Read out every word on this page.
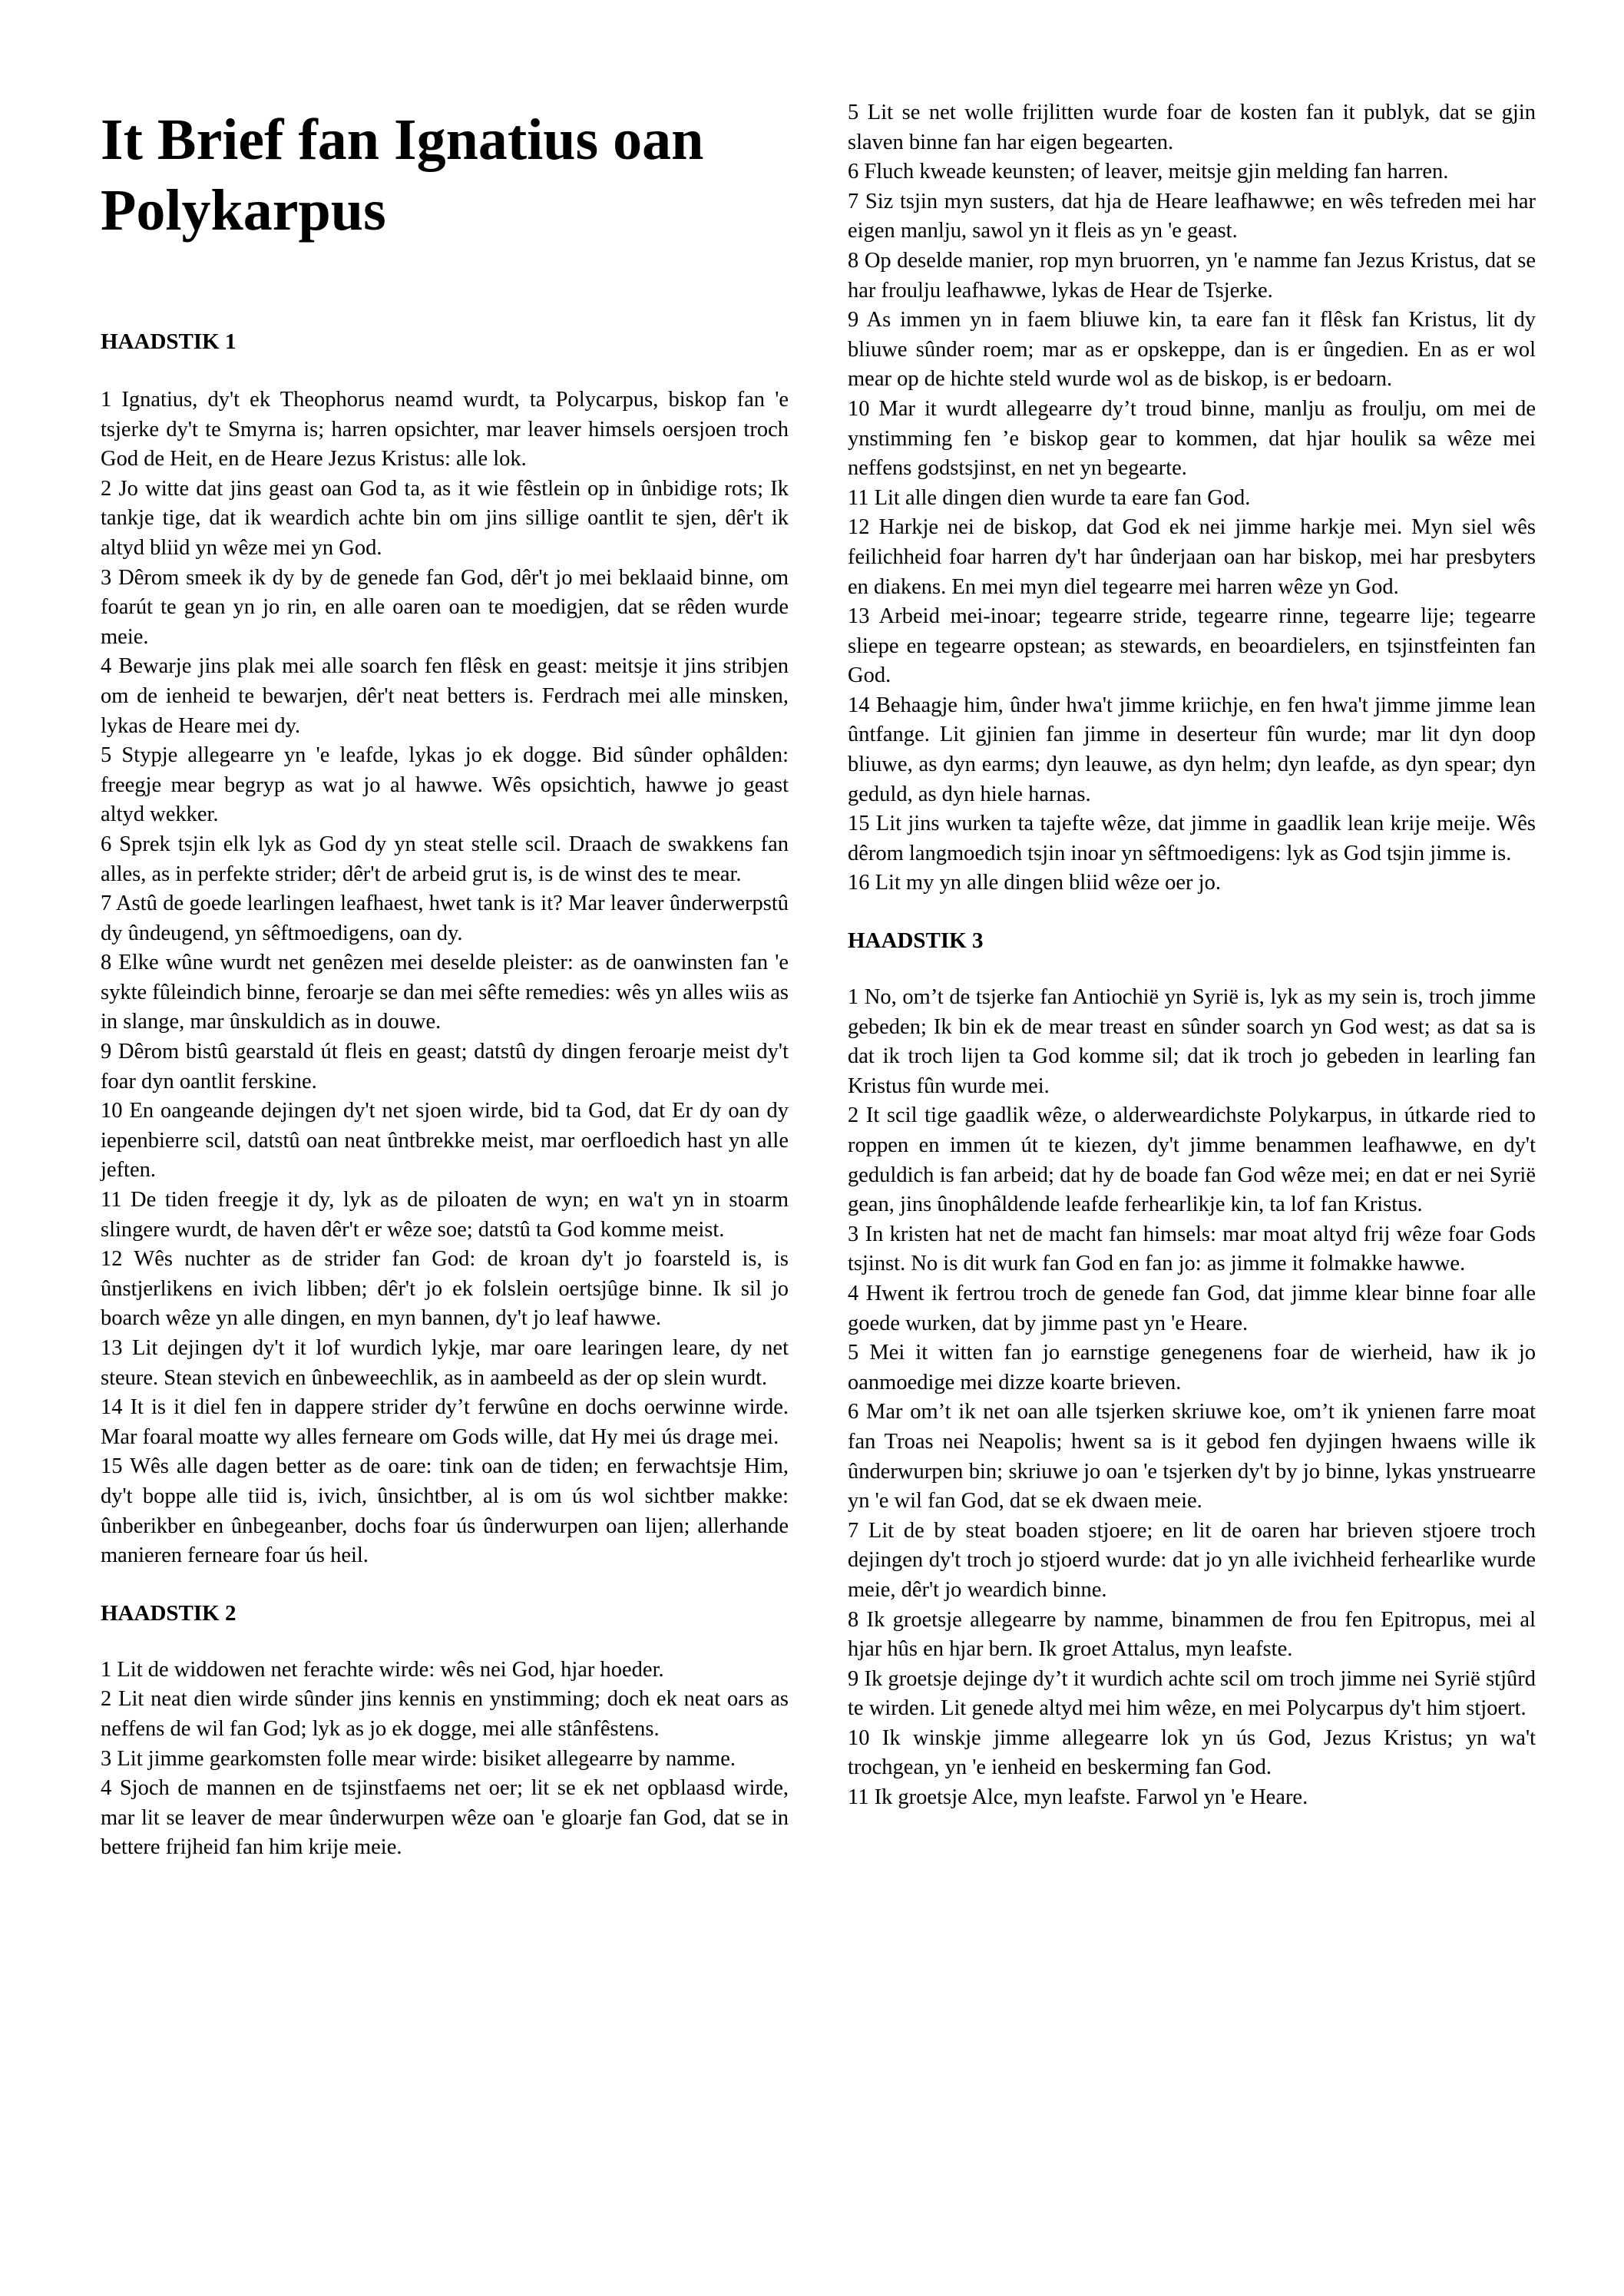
It Brief fan Ignatius oan Polykarpus
HAADSTIK 1

1 Ignatius, dy't ek Theophorus neamd wurdt, ta Polycarpus, biskop fan 'e tsjerke dy't te Smyrna is; harren opsichter, mar leaver himsels oersjoen troch God de Heit, en de Heare Jezus Kristus: alle lok.

2 Jo witte dat jins geast oan God ta, as it wie fêstlein op in ûnbidige rots; Ik tankje tige, dat ik weardich achte bin om jins sillige oantlit te sjen, dêr't ik altyd bliid yn wêze mei yn God.

3 Dêrom smeek ik dy by de genede fan God, dêr't jo mei beklaaid binne, om foarút te gean yn jo rin, en alle oaren oan te moedigjen, dat se rêden wurde meie.

4 Bewarje jins plak mei alle soarch fen flêsk en geast: meitsje it jins stribjen om de ienheid te bewarjen, dêr't neat betters is. Ferdrach mei alle minsken, lykas de Heare mei dy.

5 Stypje allegearre yn 'e leafde, lykas jo ek dogge. Bid sûnder ophâlden: freegje mear begryp as wat jo al hawwe. Wês opsichtich, hawwe jo geast altyd wekker.

6 Sprek tsjin elk lyk as God dy yn steat stelle scil. Draach de swakkens fan alles, as in perfekte strider; dêr't de arbeid grut is, is de winst des te mear.

7 Astû de goede learlingen leafhaest, hwet tank is it? Mar leaver ûnderwerpstû dy ûndeugend, yn sêftmoedigens, oan dy.

8 Elke wûne wurdt net genêzen mei deselde pleister: as de oanwinsten fan 'e sykte fûleindich binne, feroarje se dan mei sêfte remedies: wês yn alles wiis as in slange, mar ûnskuldich as in douwe.

9 Dêrom bistû gearstald út fleis en geast; datstû dy dingen feroarje meist dy't foar dyn oantlit ferskine.

10 En oangeande dejingen dy't net sjoen wirde, bid ta God, dat Er dy oan dy iepenbierre scil, datstû oan neat ûntbrekke meist, mar oerfloedich hast yn alle jeften.

11 De tiden freegje it dy, lyk as de piloaten de wyn; en wa't yn in stoarm slingere wurdt, de haven dêr't er wêze soe; datstû ta God komme meist.

12 Wês nuchter as de strider fan God: de kroan dy't jo foarsteld is, is ûnstjerlikens en ivich libben; dêr't jo ek folslein oertsjûge binne. Ik sil jo boarch wêze yn alle dingen, en myn bannen, dy't jo leaf hawwe.

13 Lit dejingen dy't it lof wurdich lykje, mar oare learingen leare, dy net steure. Stean stevich en ûnbeweechlik, as in aambeeld as der op slein wurdt.

14 It is it diel fen in dappere strider dy’t ferwûne en dochs oerwinne wirde. Mar foaral moatte wy alles ferneare om Gods wille, dat Hy mei ús drage mei.

15 Wês alle dagen better as de oare: tink oan de tiden; en ferwachtsje Him, dy't boppe alle tiid is, ivich, ûnsichtber, al is om ús wol sichtber makke: ûnberikber en ûnbegeanber, dochs foar ús ûnderwurpen oan lijen; allerhande manieren ferneare foar ús heil.

HAADSTIK 2

1 Lit de widdowen net ferachte wirde: wês nei God, hjar hoeder.

2 Lit neat dien wirde sûnder jins kennis en ynstimming; doch ek neat oars as neffens de wil fan God; lyk as jo ek dogge, mei alle stânfêstens.

3 Lit jimme gearkomsten folle mear wirde: bisiket allegearre by namme.

4 Sjoch de mannen en de tsjinstfaems net oer; lit se ek net opblaasd wirde, mar lit se leaver de mear ûnderwurpen wêze oan 'e gloarje fan God, dat se in bettere frijheid fan him krije meie.

5 Lit se net wolle frijlitten wurde foar de kosten fan it publyk, dat se gjin slaven binne fan har eigen begearten.

6 Fluch kweade keunsten; of leaver, meitsje gjin melding fan harren.

7 Siz tsjin myn susters, dat hja de Heare leafhawwe; en wês tefreden mei har eigen manlju, sawol yn it fleis as yn 'e geast.

8 Op deselde manier, rop myn bruorren, yn 'e namme fan Jezus Kristus, dat se har froulju leafhawwe, lykas de Hear de Tsjerke.

9 As immen yn in faem bliuwe kin, ta eare fan it flêsk fan Kristus, lit dy bliuwe sûnder roem; mar as er opskeppe, dan is er ûngedien. En as er wol mear op de hichte steld wurde wol as de biskop, is er bedoarn.

10 Mar it wurdt allegearre dy’t troud binne, manlju as froulju, om mei de ynstimming fen ’e biskop gear to kommen, dat hjar houlik sa wêze mei neffens godstsjinst, en net yn begearte.

11 Lit alle dingen dien wurde ta eare fan God.

12 Harkje nei de biskop, dat God ek nei jimme harkje mei. Myn siel wês feilichheid foar harren dy't har ûnderjaan oan har biskop, mei har presbyters en diakens. En mei myn diel tegearre mei harren wêze yn God.

13 Arbeid mei-inoar; tegearre stride, tegearre rinne, tegearre lije; tegearre sliepe en tegearre opstean; as stewards, en beoardielers, en tsjinstfeinten fan God.

14 Behaagje him, ûnder hwa't jimme kriichje, en fen hwa't jimme jimme lean ûntfange. Lit gjinien fan jimme in deserteur fûn wurde; mar lit dyn doop bliuwe, as dyn earms; dyn leauwe, as dyn helm; dyn leafde, as dyn spear; dyn geduld, as dyn hiele harnas.

15 Lit jins wurken ta tajefte wêze, dat jimme in gaadlik lean krije meije. Wês dêrom langmoedich tsjin inoar yn sêftmoedigens: lyk as God tsjin jimme is.

16 Lit my yn alle dingen bliid wêze oer jo.

HAADSTIK 3

1 No, om’t de tsjerke fan Antiochië yn Syrië is, lyk as my sein is, troch jimme gebeden; Ik bin ek de mear treast en sûnder soarch yn God west; as dat sa is dat ik troch lijen ta God komme sil; dat ik troch jo gebeden in learling fan Kristus fûn wurde mei.

2 It scil tige gaadlik wêze, o alderweardichste Polykarpus, in útkarde ried to roppen en immen út te kiezen, dy't jimme benammen leafhawwe, en dy't geduldich is fan arbeid; dat hy de boade fan God wêze mei; en dat er nei Syrië gean, jins ûnophâldende leafde ferhearlikje kin, ta lof fan Kristus.

3 In kristen hat net de macht fan himsels: mar moat altyd frij wêze foar Gods tsjinst. No is dit wurk fan God en fan jo: as jimme it folmakke hawwe.

4 Hwent ik fertrou troch de genede fan God, dat jimme klear binne foar alle goede wurken, dat by jimme past yn 'e Heare.

5 Mei it witten fan jo earnstige genegenens foar de wierheid, haw ik jo oanmoedige mei dizze koarte brieven.

6 Mar om’t ik net oan alle tsjerken skriuwe koe, om’t ik ynienen farre moat fan Troas nei Neapolis; hwent sa is it gebod fen dyjingen hwaens wille ik ûnderwurpen bin; skriuwe jo oan 'e tsjerken dy't by jo binne, lykas ynstruearre yn 'e wil fan God, dat se ek dwaen meie.

7 Lit de by steat boaden stjoere; en lit de oaren har brieven stjoere troch dejingen dy't troch jo stjoerd wurde: dat jo yn alle ivichheid ferhearlike wurde meie, dêr't jo weardich binne.

8 Ik groetsje allegearre by namme, binammen de frou fen Epitropus, mei al hjar hûs en hjar bern. Ik groet Attalus, myn leafste.

9 Ik groetsje dejinge dy’t it wurdich achte scil om troch jimme nei Syrië stjûrd te wirden. Lit genede altyd mei him wêze, en mei Polycarpus dy't him stjoert.

10 Ik winskje jimme allegearre lok yn ús God, Jezus Kristus; yn wa't trochgean, yn 'e ienheid en beskerming fan God.

11 Ik groetsje Alce, myn leafste. Farwol yn 'e Heare.
